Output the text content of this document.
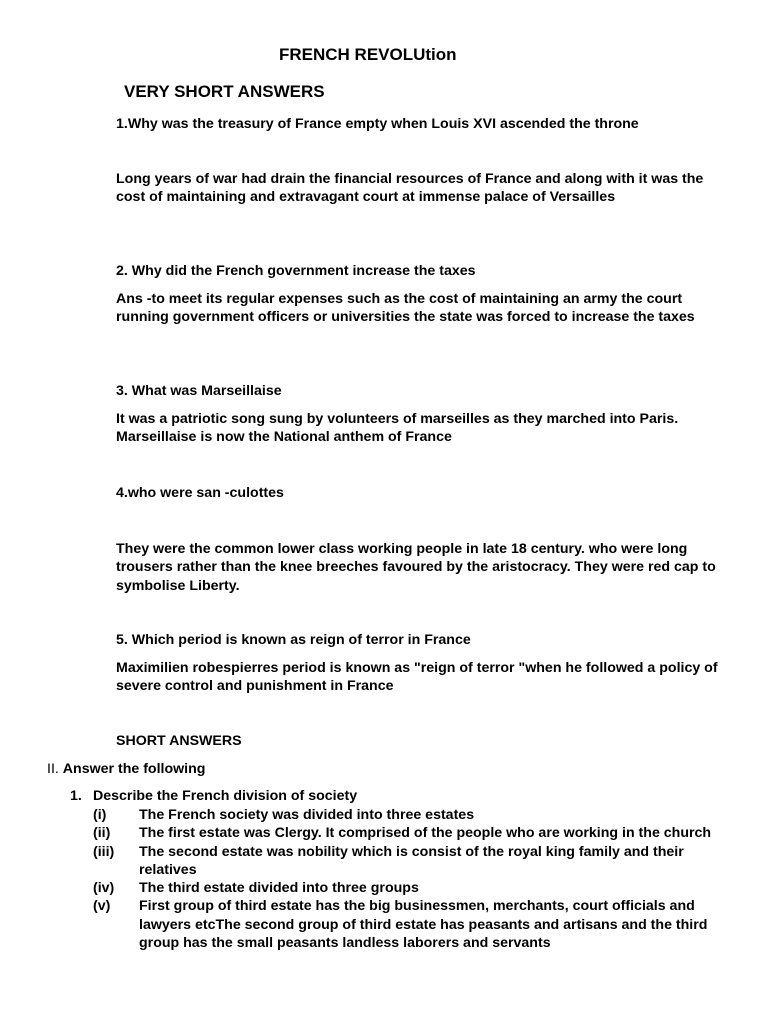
FRENCH REVOLUtion
VERY SHORT ANSWERS
1.Why was the treasury of France empty when Louis XVI ascended the throne
Long years of war had drain the financial resources of France and along with it was the cost of maintaining and extravagant court at immense palace of Versailles
2. Why did the French government increase the taxes
Ans -to meet its regular expenses such as the cost of maintaining an army the court running government officers or universities the state was forced to increase the taxes
3. What was Marseillaise
It was a patriotic song sung by volunteers of marseilles as they marched into Paris. Marseillaise is now the National anthem of France
4.who were san -culottes
They were the common lower class working people in late 18 century. who were long trousers rather than the knee breeches favoured by the aristocracy. They were red cap to symbolise Liberty.
5. Which period is known as reign of terror in France
Maximilien robespierres period is known as "reign of terror "when he followed a policy of severe control and punishment in France
SHORT ANSWERS
II. Answer the following
1. Describe the French division of society
(i)	The French society was divided into three estates
(ii)	The first estate was Clergy. It comprised of the people who are working in the church
(iii)	The second estate was nobility which is consist of the royal king family and their relatives
(iv)	The third estate divided into three groups
(v)	First group of third estate has the big businessmen, merchants, court officials and lawyers etcThe second group of third estate has peasants and artisans and the third group has the small peasants landless laborers and servants
